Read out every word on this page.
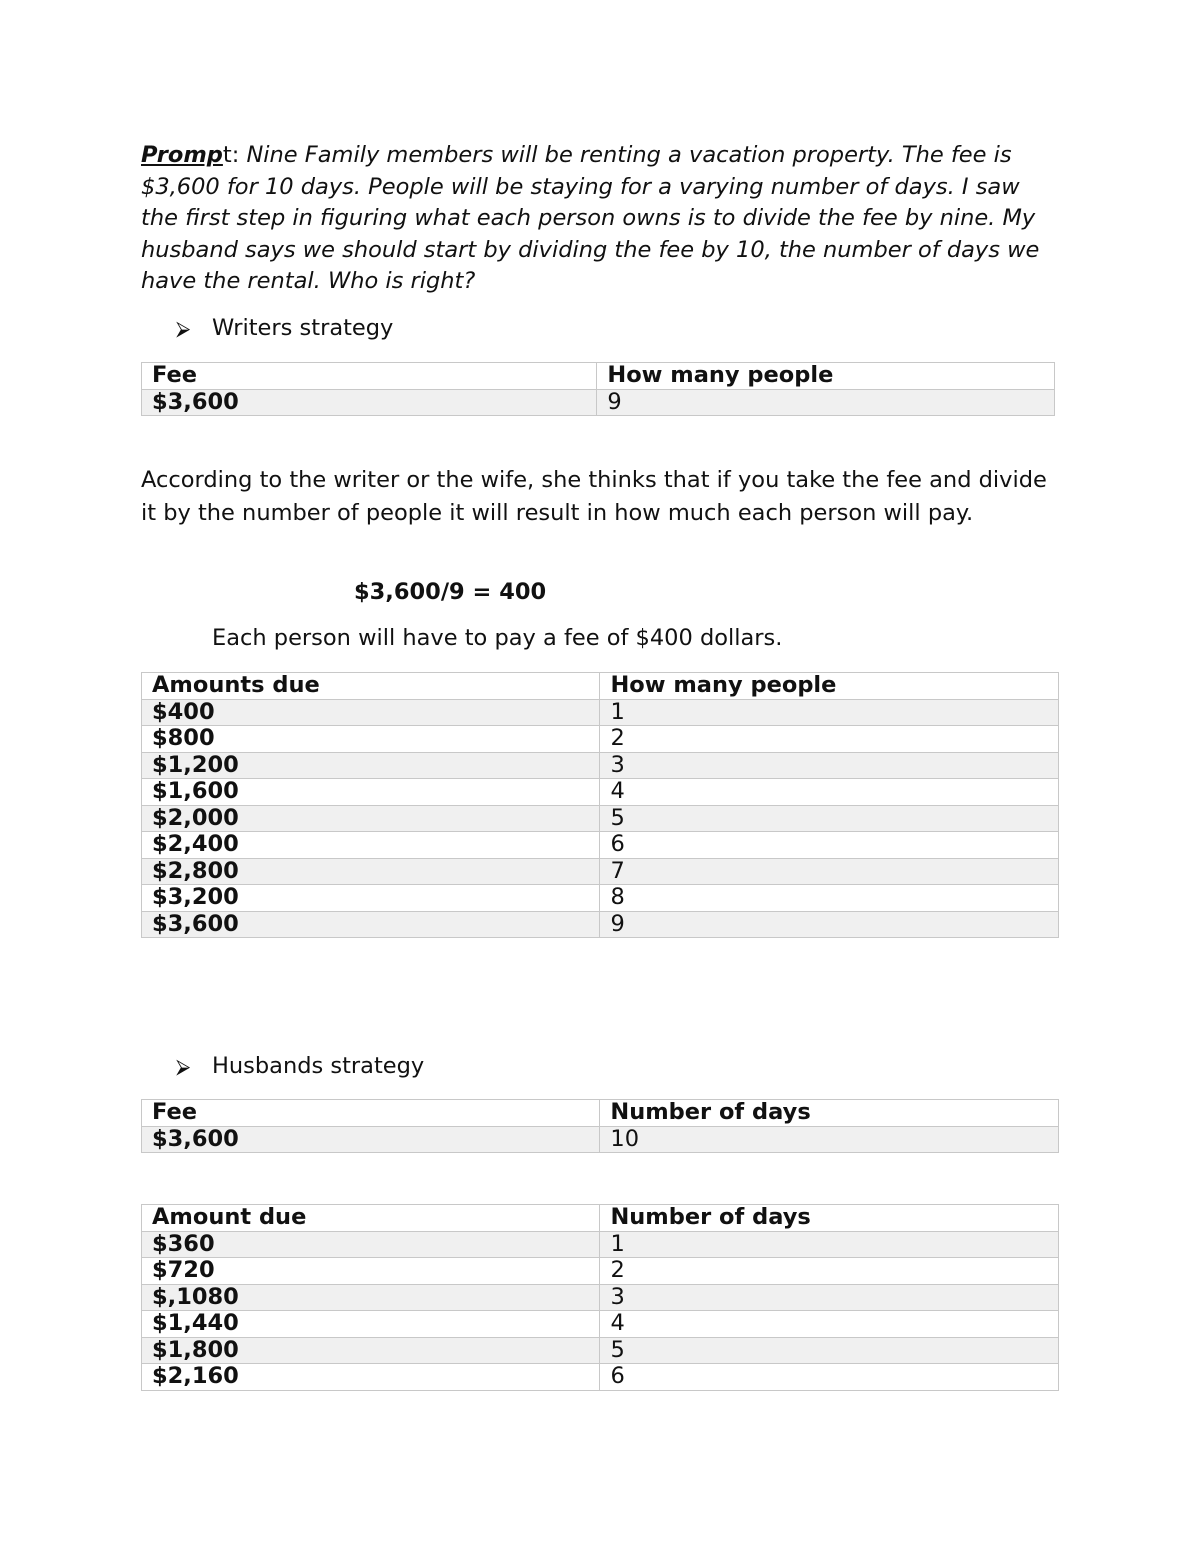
Prompt: Nine Family members will be renting a vacation property. The fee is $3,600 for 10 days. People will be staying for a varying number of days. I saw the first step in figuring what each person owns is to divide the fee by nine. My husband says we should start by dividing the fee by 10, the number of days we have the rental. Who is right?

⮚ Writers strategy
Fee	How many people
$3,600	9

According to the writer or the wife, she thinks that if you take the fee and divide it by the number of people it will result in how much each person will pay.

$3,600/9 = 400
Each person will have to pay a fee of $400 dollars.
Amounts due	How many people
$400	1
$800	2
$1,200	3
$1,600	4
$2,000	5
$2,400	6
$2,800	7
$3,200	8
$3,600	9
⮚ Husbands strategy
Fee	Number of days
$3,600	10
Amount due	Number of days
$360	1
$720	2
$,1080	3
$1,440	4
$1,800	5
$2,160	6
